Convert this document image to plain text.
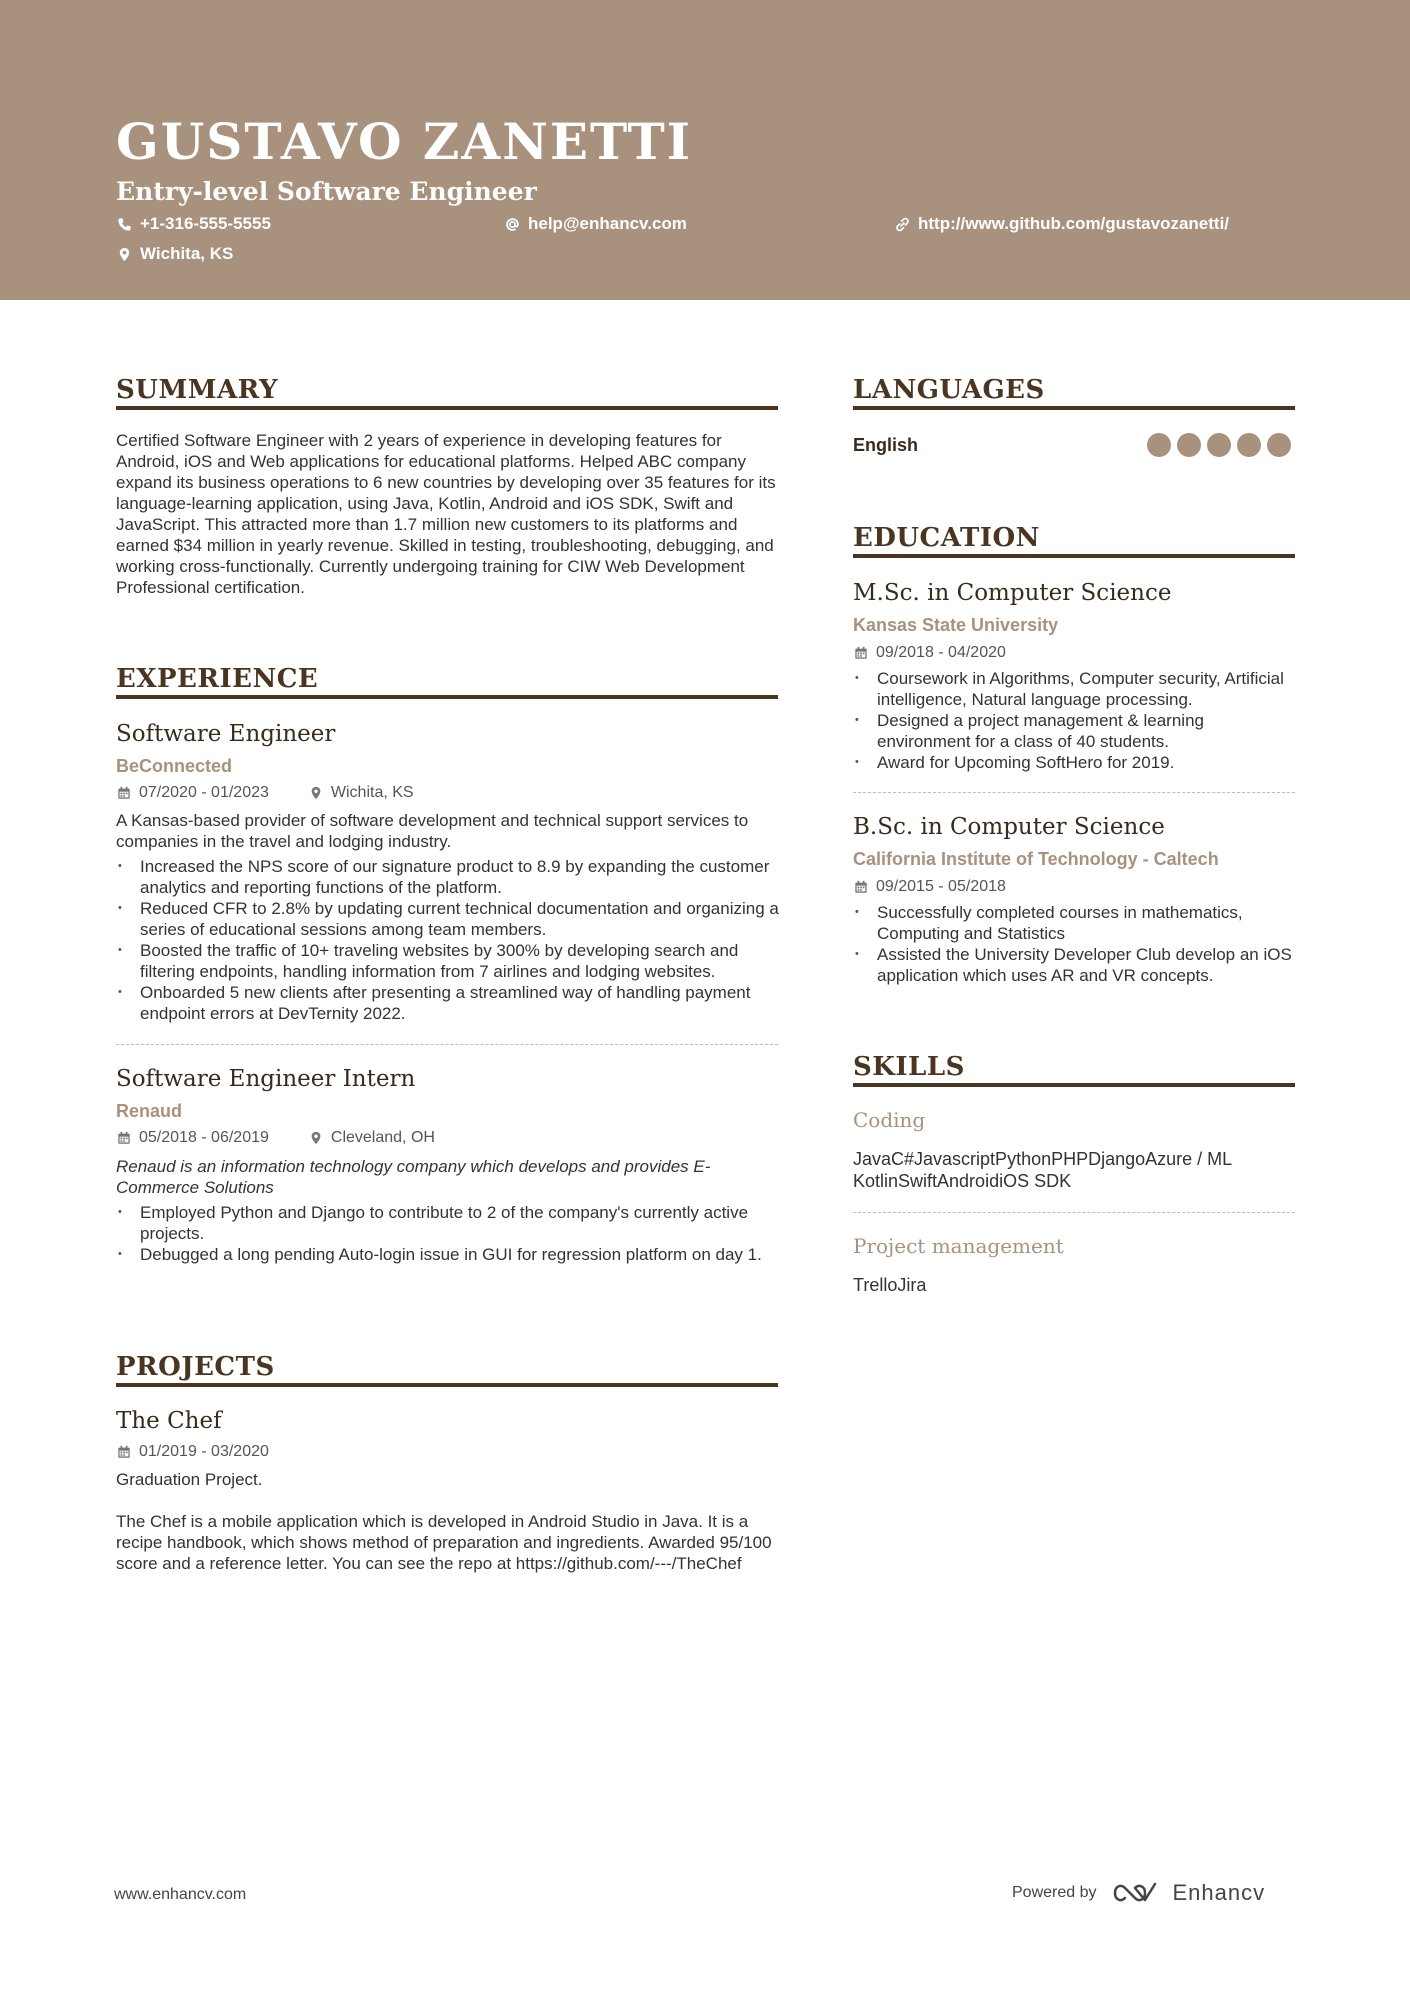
GUSTAVO ZANETTI
Entry-level Software Engineer
+1-316-555-5555	help@enhancv.com	http://www.github.com/gustavozanetti/
Wichita, KS
SUMMARY
Certified Software Engineer with 2 years of experience in developing features for Android, iOS and Web applications for educational platforms. Helped ABC company expand its business operations to 6 new countries by developing over 35 features for its language-learning application, using Java, Kotlin, Android and iOS SDK, Swift and JavaScript. This attracted more than 1.7 million new customers to its platforms and earned $34 million in yearly revenue. Skilled in testing, troubleshooting, debugging, and working cross-functionally. Currently undergoing training for CIW Web Development Professional certification.
EXPERIENCE
Software Engineer
BeConnected
07/2020 - 01/2023	Wichita, KS
A Kansas-based provider of software development and technical support services to companies in the travel and lodging industry.
• Increased the NPS score of our signature product to 8.9 by expanding the customer analytics and reporting functions of the platform.
• Reduced CFR to 2.8% by updating current technical documentation and organizing a series of educational sessions among team members.
• Boosted the traffic of 10+ traveling websites by 300% by developing search and filtering endpoints, handling information from 7 airlines and lodging websites.
• Onboarded 5 new clients after presenting a streamlined way of handling payment endpoint errors at DevTernity 2022.
Software Engineer Intern
Renaud
05/2018 - 06/2019	Cleveland, OH
Renaud is an information technology company which develops and provides E-Commerce Solutions
• Employed Python and Django to contribute to 2 of the company's currently active projects.
• Debugged a long pending Auto-login issue in GUI for regression platform on day 1.
PROJECTS
The Chef
01/2019 - 03/2020
Graduation Project.
The Chef is a mobile application which is developed in Android Studio in Java. It is a recipe handbook, which shows method of preparation and ingredients. Awarded 95/100 score and a reference letter. You can see the repo at https://github.com/---/TheChef
LANGUAGES
English
EDUCATION
M.Sc. in Computer Science
Kansas State University
09/2018 - 04/2020
• Coursework in Algorithms, Computer security, Artificial intelligence, Natural language processing.
• Designed a project management & learning environment for a class of 40 students.
• Award for Upcoming SoftHero for 2019.
B.Sc. in Computer Science
California Institute of Technology - Caltech
09/2015 - 05/2018
• Successfully completed courses in mathematics, Computing and Statistics
• Assisted the University Developer Club develop an iOS application which uses AR and VR concepts.
SKILLS
Coding
JavaC#JavascriptPythonPHPDjangoAzure / ML
KotlinSwiftAndroidiOS SDK
Project management
TrelloJira
www.enhancv.com	Powered by	Enhancv
